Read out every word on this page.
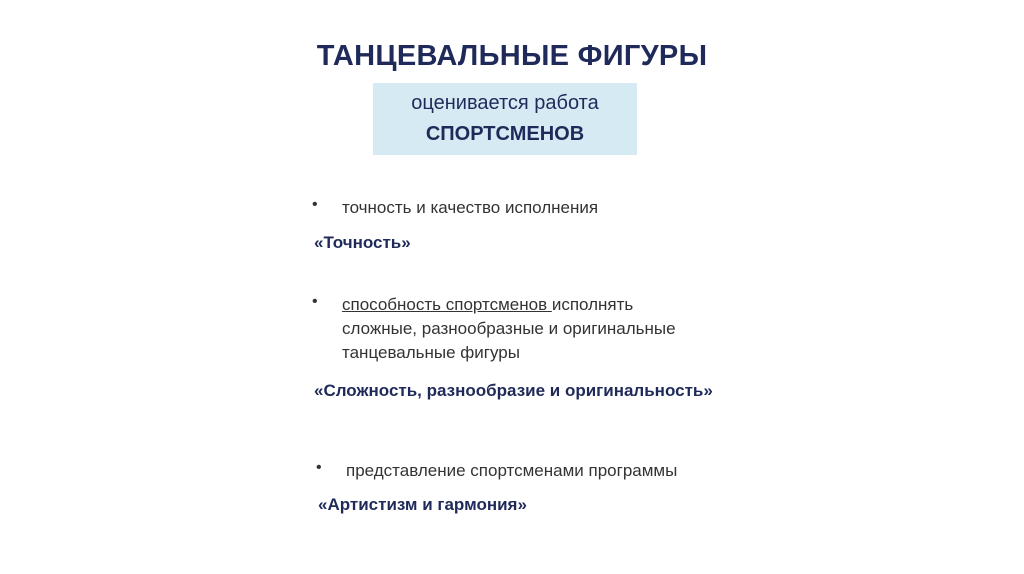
ТАНЦЕВАЛЬНЫЕ ФИГУРЫ
оценивается работа
СПОРТСМЕНОВ
• точность и качество исполнения
«Точность»
• способность спортсменов исполнять
сложные, разнообразные и оригинальные
танцевальные фигуры
«Сложность, разнообразие и оригинальность»
• представление спортсменами программы
«Артистизм и гармония»
